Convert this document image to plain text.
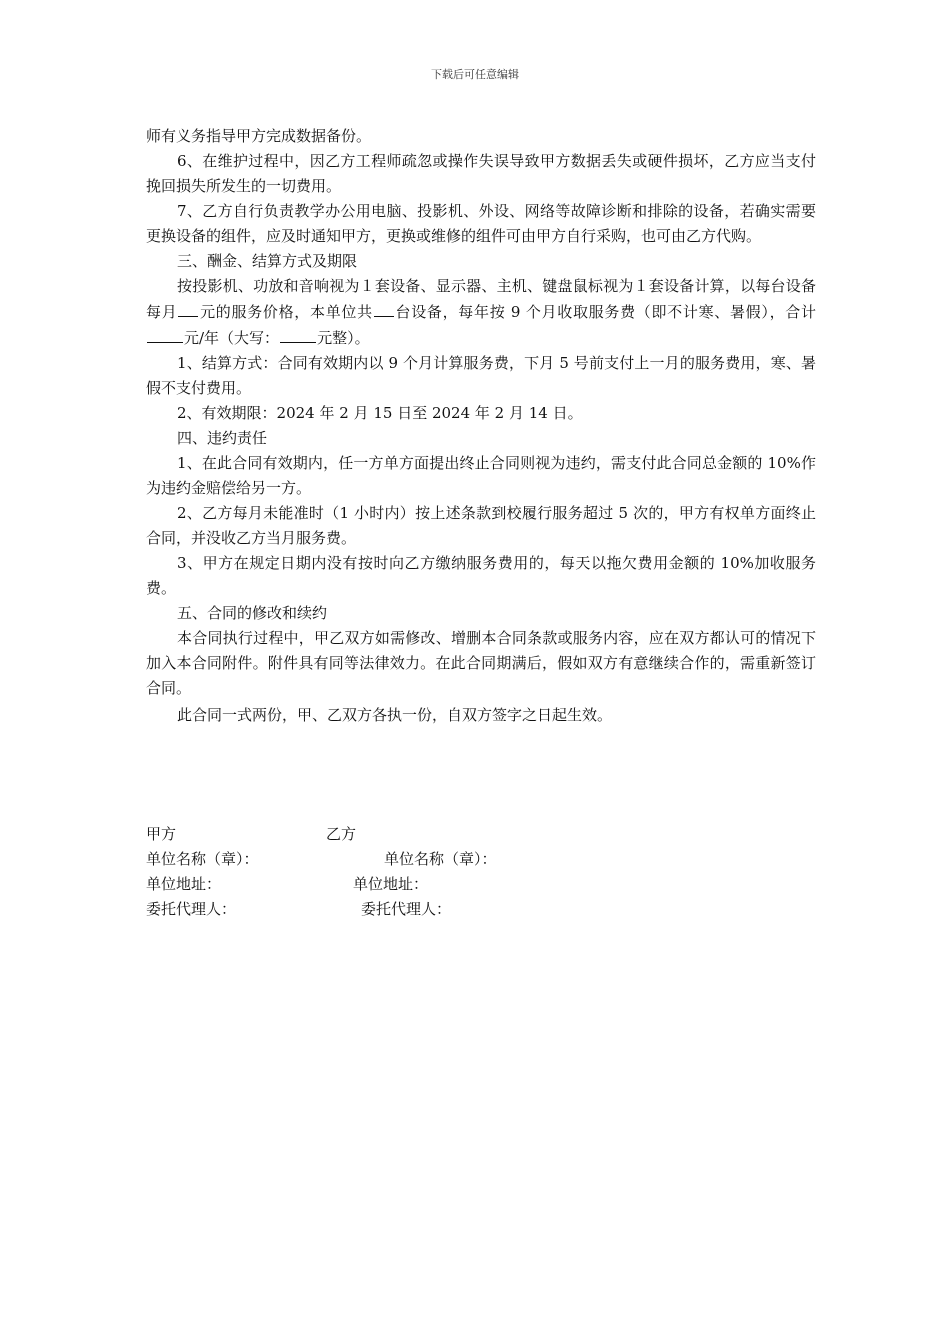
下载后可任意编辑

师有义务指导甲方完成数据备份。

6、在维护过程中，因乙方工程师疏忽或操作失误导致甲方数据丢失或硬件损坏，乙方应当支付挽回损失所发生的一切费用。

7、乙方自行负责教学办公用电脑、投影机、外设、网络等故障诊断和排除的设备，若确实需要更换设备的组件，应及时通知甲方，更换或维修的组件可由甲方自行采购，也可由乙方代购。

三、酬金、结算方式及期限

按投影机、功放和音响视为１套设备、显示器、主机、键盘鼠标视为１套设备计算，以每台设备每月 元的服务价格，本单位共 台设备，每年按 9 个月收取服务费（即不计寒、暑假），合计元/年（大写：	元整）。

1、结算方式：合同有效期内以 9 个月计算服务费，下月 5 号前支付上一月的服务费用，寒、暑假不支付费用。

2、有效期限：2024 年 2 月 15 日至 2024 年 2 月 14 日。

四、违约责任

1、在此合同有效期内，任一方单方面提出终止合同则视为违约，需支付此合同总金额的 10%作为违约金赔偿给另一方。

2、乙方每月未能准时（1 小时内）按上述条款到校履行服务超过 5 次的，甲方有权单方面终止合同，并没收乙方当月服务费。

3、甲方在规定日期内没有按时向乙方缴纳服务费用的，每天以拖欠费用金额的 10%加收服务费。

五、合同的修改和续约

本合同执行过程中，甲乙双方如需修改、增删本合同条款或服务内容，应在双方都认可的情况下加入本合同附件。附件具有同等法律效力。在此合同期满后，假如双方有意继续合作的，需重新签订合同。

此合同一式两份，甲、乙双方各执一份，自双方签字之日起生效。

甲方	乙方
单位名称（章）：	单位名称（章）：
单位地址：	单位地址：
委托代理人：	委托代理人：
